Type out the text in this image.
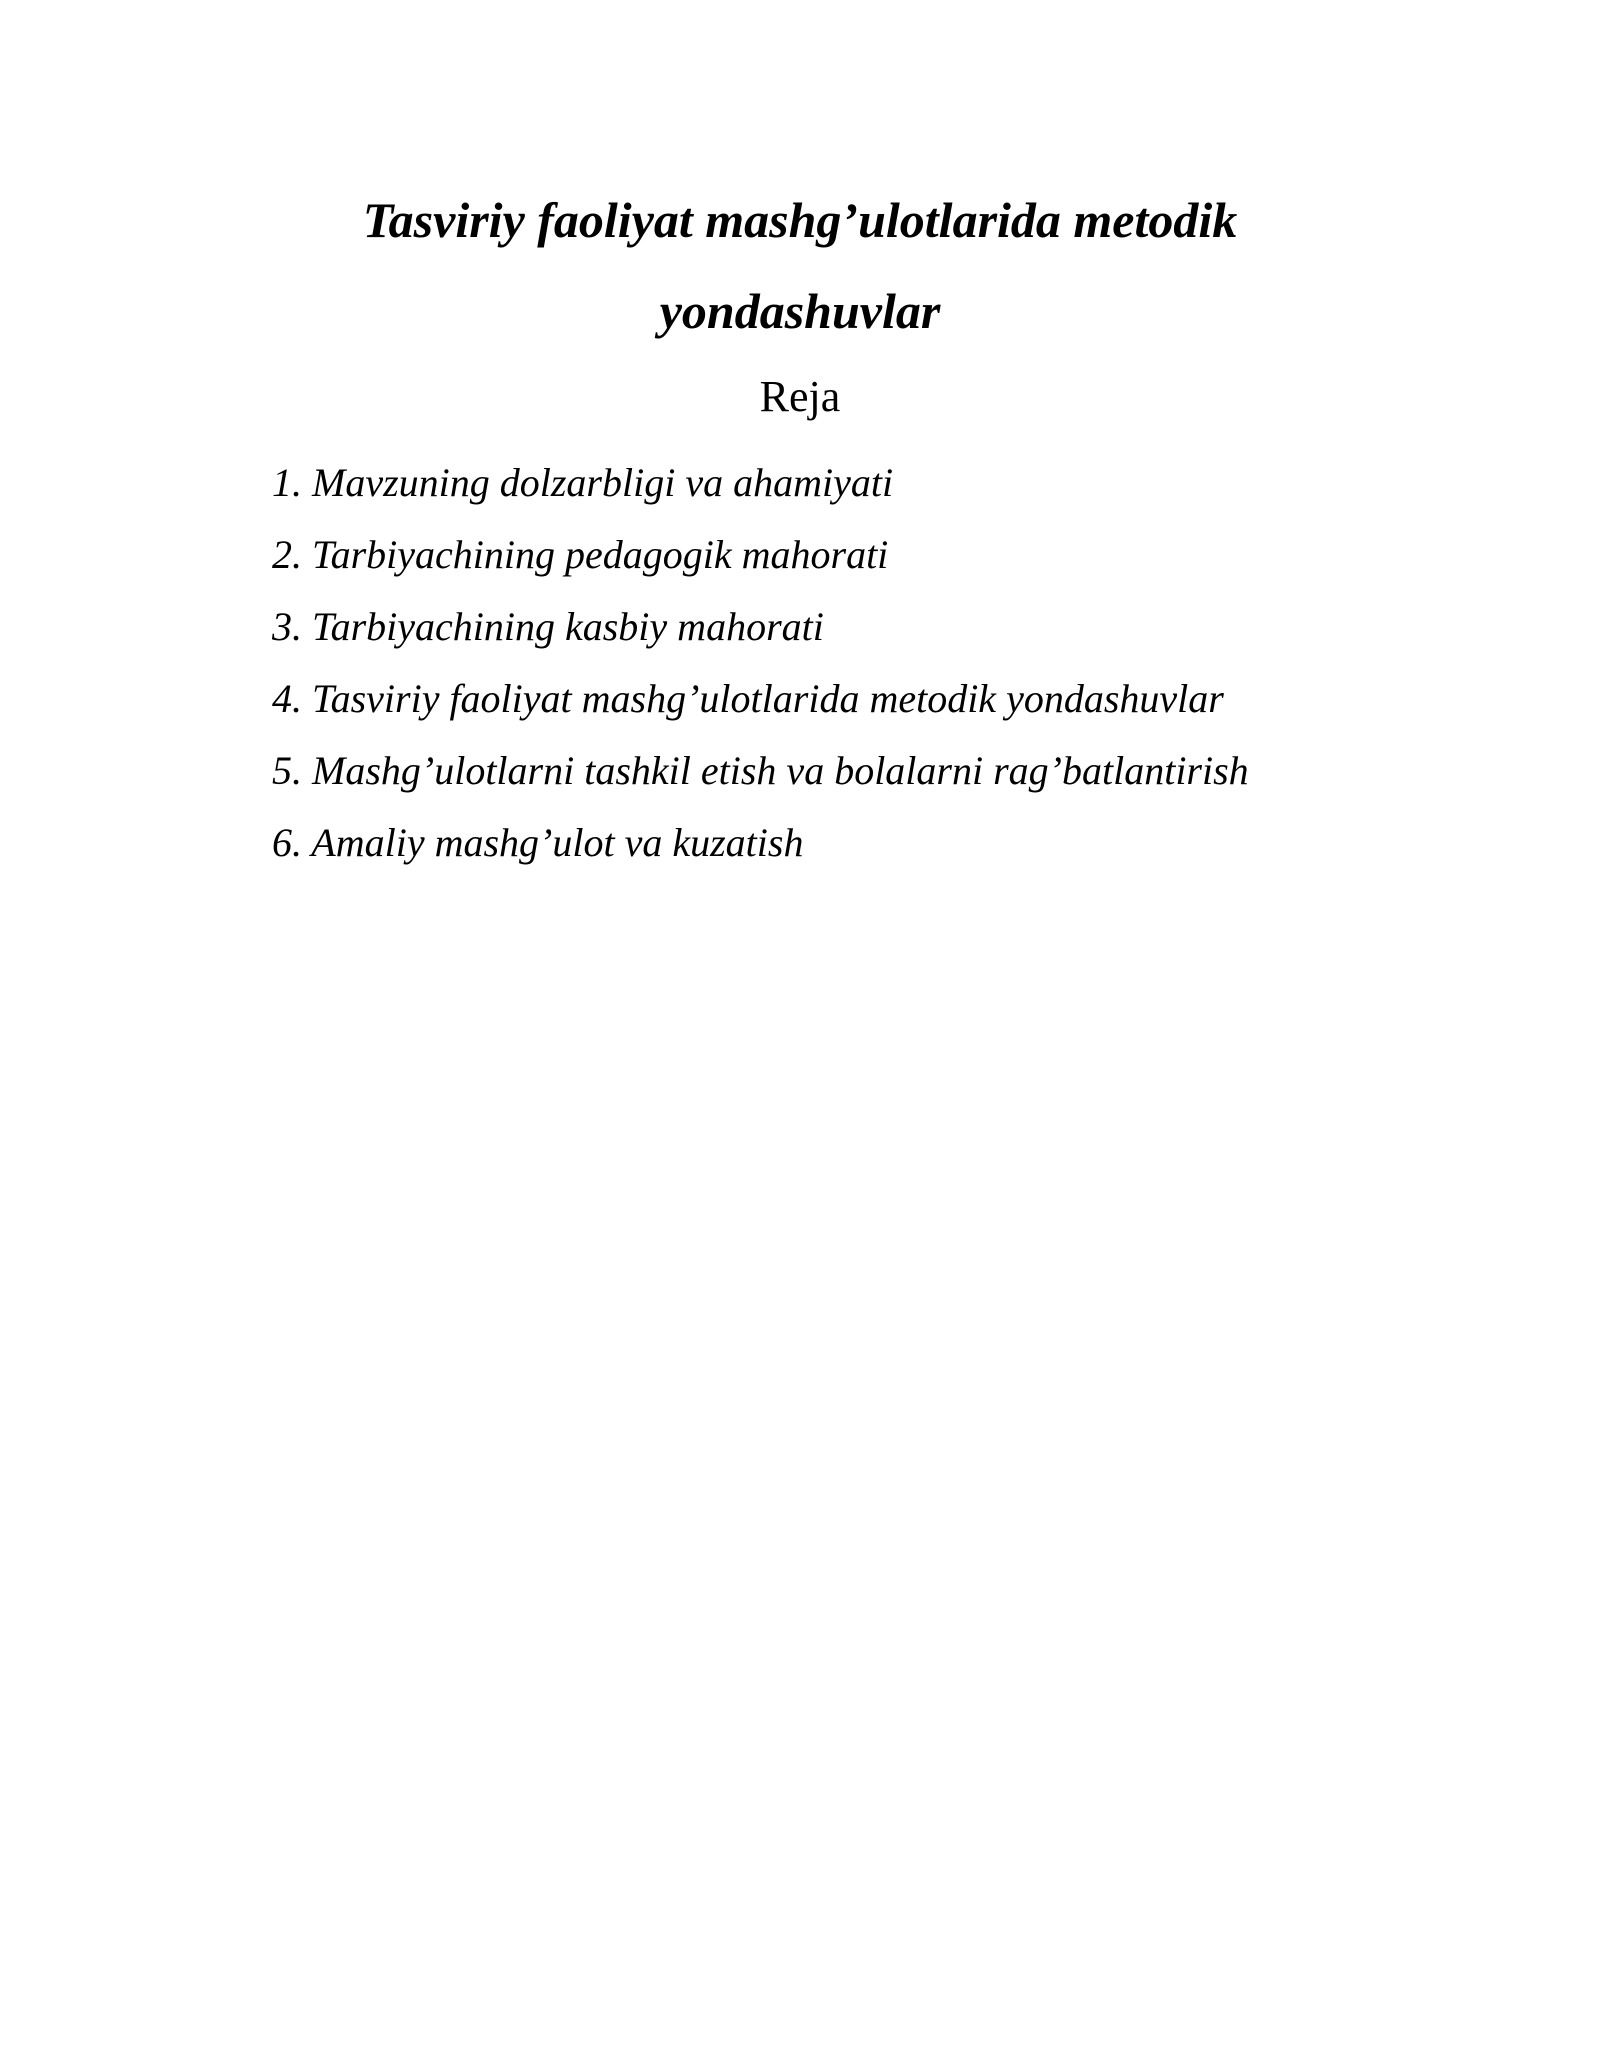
Tasviriy faoliyat mashg’ulotlarida metodik
yondashuvlar
Reja
1. Mavzuning dolzarbligi va ahamiyati
2. Tarbiyachining pedagogik mahorati
3. Tarbiyachining kasbiy mahorati
4. Tasviriy faoliyat mashg’ulotlarida metodik yondashuvlar
5. Mashg’ulotlarni tashkil etish va bolalarni rag’batlantirish
6. Amaliy mashg’ulot va kuzatish
